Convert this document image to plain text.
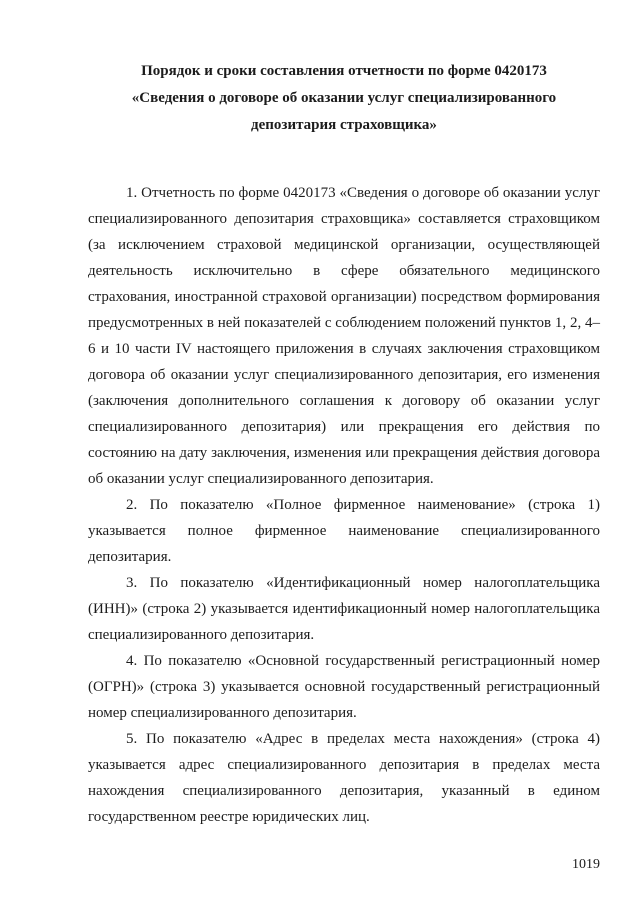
Порядок и сроки составления отчетности по форме 0420173
«Сведения о договоре об оказании услуг специализированного
депозитария страховщика»

1. Отчетность по форме 0420173 «Сведения о договоре об оказании услуг специализированного депозитария страховщика» составляется страховщиком (за исключением страховой медицинской организации, осуществляющей деятельность исключительно в сфере обязательного медицинского страхования, иностранной страховой организации) посредством формирования предусмотренных в ней показателей с соблюдением положений пунктов 1, 2, 4–6 и 10 части IV настоящего приложения в случаях заключения страховщиком договора об оказании услуг специализированного депозитария, его изменения (заключения дополнительного соглашения к договору об оказании услуг специализированного депозитария) или прекращения его действия по состоянию на дату заключения, изменения или прекращения действия договора об оказании услуг специализированного депозитария.

2. По показателю «Полное фирменное наименование» (строка 1) указывается полное фирменное наименование специализированного депозитария.

3. По показателю «Идентификационный номер налогоплательщика (ИНН)» (строка 2) указывается идентификационный номер налогоплательщика специализированного депозитария.

4. По показателю «Основной государственный регистрационный номер (ОГРН)» (строка 3) указывается основной государственный регистрационный номер специализированного депозитария.

5. По показателю «Адрес в пределах места нахождения» (строка 4) указывается адрес специализированного депозитария в пределах места нахождения специализированного депозитария, указанный в едином государственном реестре юридических лиц.

1019
